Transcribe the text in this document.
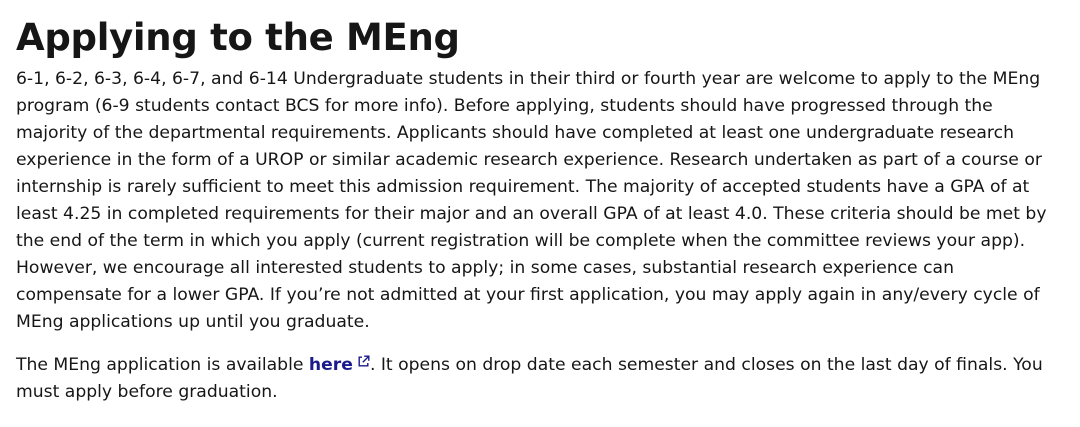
Applying to the MEng

6-1, 6-2, 6-3, 6-4, 6-7, and 6-14 Undergraduate students in their third or fourth year are welcome to apply to the MEng program (6-9 students contact BCS for more info). Before applying, students should have progressed through the majority of the departmental requirements. Applicants should have completed at least one undergraduate research experience in the form of a UROP or similar academic research experience. Research undertaken as part of a course or internship is rarely sufficient to meet this admission requirement. The majority of accepted students have a GPA of at least 4.25 in completed requirements for their major and an overall GPA of at least 4.0. These criteria should be met by the end of the term in which you apply (current registration will be complete when the committee reviews your app). However, we encourage all interested students to apply; in some cases, substantial research experience can compensate for a lower GPA. If you’re not admitted at your first application, you may apply again in any/every cycle of MEng applications up until you graduate.

The MEng application is available here . It opens on drop date each semester and closes on the last day of finals. You must apply before graduation.
